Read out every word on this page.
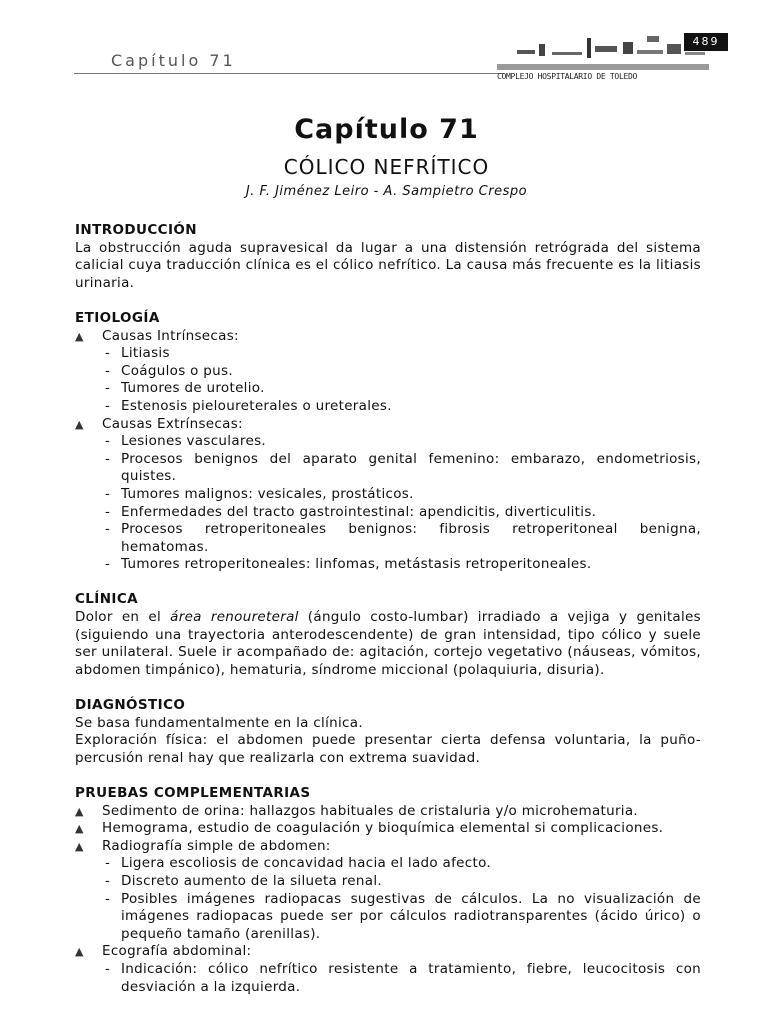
Capítulo 71
COMPLEJO HOSPITALARIO DE TOLEDO
489
Capítulo 71
CÓLICO NEFRÍTICO
J. F. Jiménez Leiro - A. Sampietro Crespo
INTRODUCCIÓN
La obstrucción aguda supravesical da lugar a una distensión retrógrada del sistema calicial cuya traducción clínica es el cólico nefrítico. La causa más frecuente es la litiasis urinaria.
ETIOLOGÍA
▲	Causas Intrínsecas:
- Litiasis
- Coágulos o pus.
- Tumores de urotelio.
- Estenosis pieloureterales o ureterales.
▲	Causas Extrínsecas:
- Lesiones vasculares.
- Procesos benignos del aparato genital femenino: embarazo, endometriosis, quistes.
- Tumores malignos: vesicales, prostáticos.
- Enfermedades del tracto gastrointestinal: apendicitis, diverticulitis.
- Procesos retroperitoneales benignos: fibrosis retroperitoneal benigna, hematomas.
- Tumores retroperitoneales: linfomas, metástasis retroperitoneales.
CLÍNICA
Dolor en el área renoureteral (ángulo costo-lumbar) irradiado a vejiga y genitales (siguiendo una trayectoria anterodescendente) de gran intensidad, tipo cólico y suele ser unilateral. Suele ir acompañado de: agitación, cortejo vegetativo (náuseas, vómitos, abdomen timpánico), hematuria, síndrome miccional (polaquiuria, disuria).
DIAGNÓSTICO
Se basa fundamentalmente en la clínica.
Exploración física: el abdomen puede presentar cierta defensa voluntaria, la puño-percusión renal hay que realizarla con extrema suavidad.
PRUEBAS COMPLEMENTARIAS
▲	Sedimento de orina: hallazgos habituales de cristaluria y/o microhematuria.
▲	Hemograma, estudio de coagulación y bioquímica elemental si complicaciones.
▲	Radiografía simple de abdomen:
- Ligera escoliosis de concavidad hacia el lado afecto.
- Discreto aumento de la silueta renal.
- Posibles imágenes radiopacas sugestivas de cálculos. La no visualización de imágenes radiopacas puede ser por cálculos radiotransparentes (ácido úrico) o pequeño tamaño (arenillas).
▲	Ecografía abdominal:
- Indicación: cólico nefrítico resistente a tratamiento, fiebre, leucocitosis con desviación a la izquierda.
